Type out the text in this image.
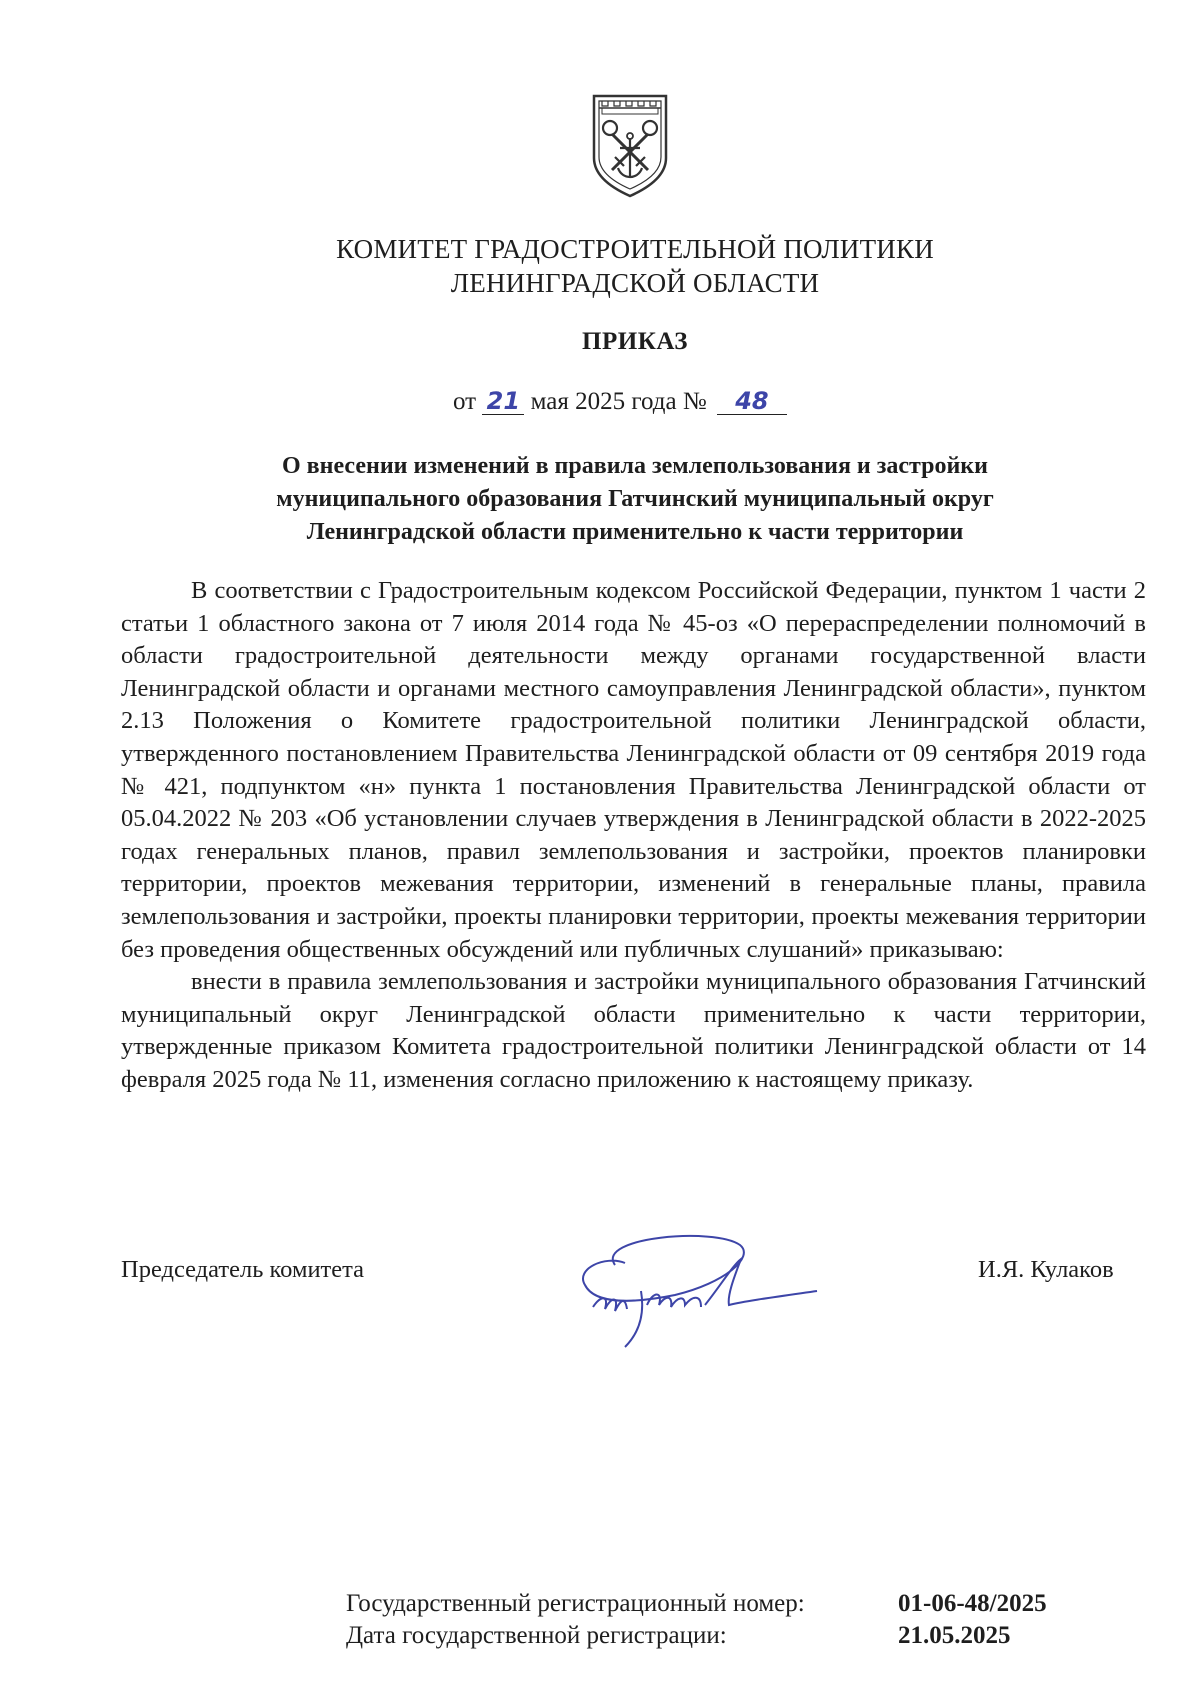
КОМИТЕТ ГРАДОСТРОИТЕЛЬНОЙ ПОЛИТИКИ
ЛЕНИНГРАДСКОЙ ОБЛАСТИ
ПРИКАЗ
от 21 мая 2025 года № 48
О внесении изменений в правила землепользования и застройки
муниципального образования Гатчинский муниципальный округ
Ленинградской области применительно к части территории

В соответствии с Градостроительным кодексом Российской Федерации, пунктом 1 части 2 статьи 1 областного закона от 7 июля 2014 года № 45-оз «О перераспределении полномочий в области градостроительной деятельности между органами государственной власти Ленинградской области и органами местного самоуправления Ленинградской области», пунктом 2.13 Положения о Комитете градостроительной политики Ленинградской области, утвержденного постановлением Правительства Ленинградской области от 09 сентября 2019 года № 421, подпунктом «н» пункта 1 постановления Правительства Ленинградской области от 05.04.2022 № 203 «Об установлении случаев утверждения в Ленинградской области в 2022-2025 годах генеральных планов, правил землепользования и застройки, проектов планировки территории, проектов межевания территории, изменений в генеральные планы, правила землепользования и застройки, проекты планировки территории, проекты межевания территории без проведения общественных обсуждений или публичных слушаний» приказываю:

внести в правила землепользования и застройки муниципального образования Гатчинский муниципальный округ Ленинградской области применительно к части территории, утвержденные приказом Комитета градостроительной политики Ленинградской области от 14 февраля 2025 года № 11, изменения согласно приложению к настоящему приказу.

Председатель комитета	И.Я. Кулаков
Государственный регистрационный номер:	01-06-48/2025
Дата государственной регистрации:	21.05.2025
